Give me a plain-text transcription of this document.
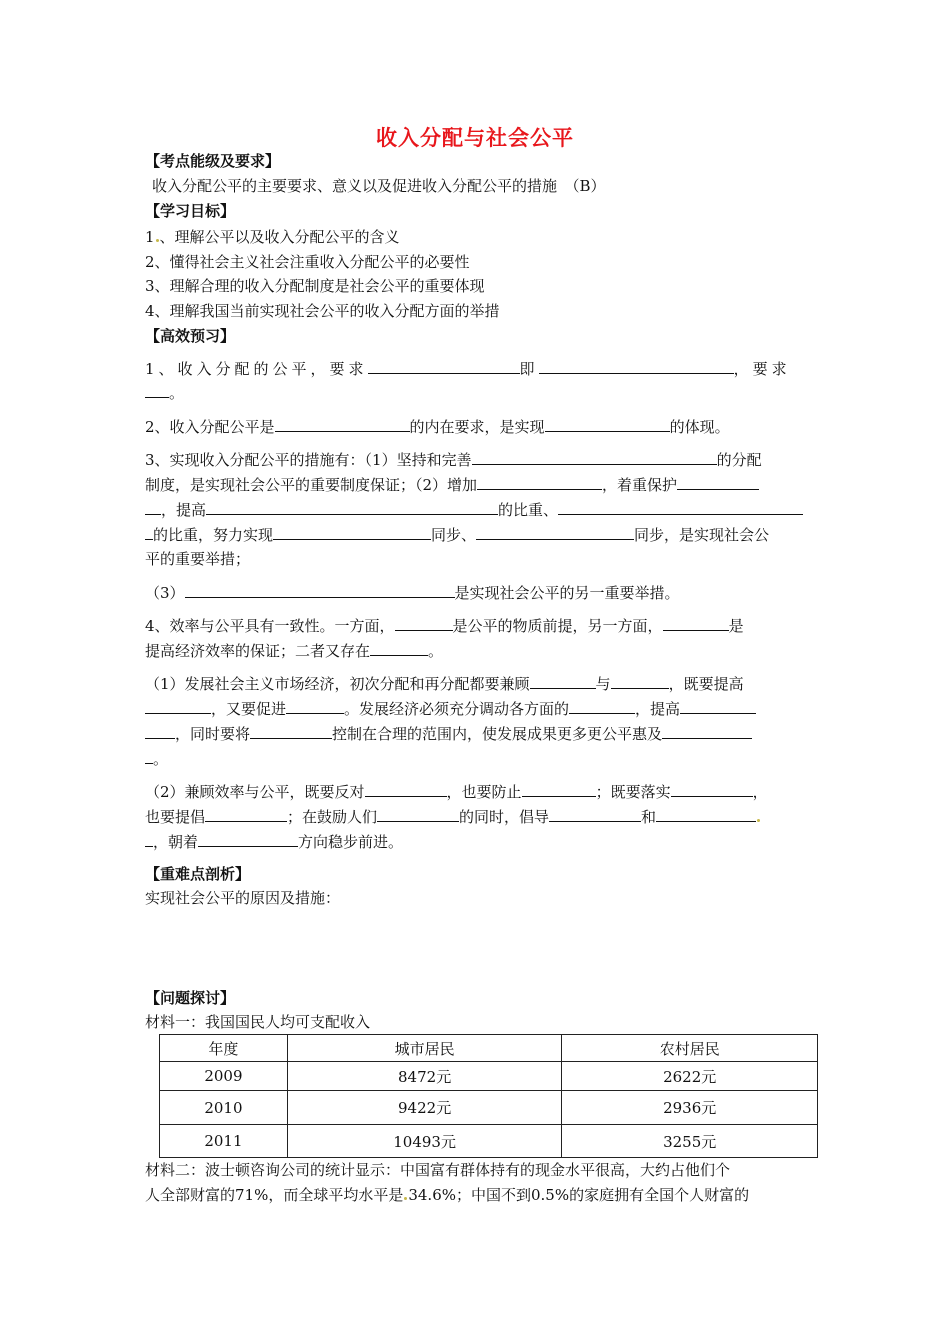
收入分配与社会公平
【考点能级及要求】
收入分配公平的主要要求、意义以及促进收入分配公平的措施　（B）
【学习目标】
1 、理解公平以及收入分配公平的含义
2、懂得社会主义社会注重收入分配公平的必要性
3、理解合理的收入分配制度是社会公平的重要体现
4、理解我国当前实现社会公平的收入分配方面的举措
【高效预习】
1、收入分配的公平，要求	即	，要求
。
2、收入分配公平是	的内在要求，是实现	的体现。
3、实现收入分配公平的措施有：（1）坚持和完善	的分配
制度，是实现社会公平的重要制度保证；（2）增加	，着重保护
，提高	的比重、
的比重，努力实现	同步、	同步，是实现社会公
平的重要举措；
（3）	是实现社会公平的另一重要举措。
4、效率与公平具有一致性。一方面，	是公平的物质前提，另一方面，	是
提高经济效率的保证；二者又存在	。
（1）发展社会主义市场经济，初次分配和再分配都要兼顾	与	，既要提高
，又要促进	。发展经济必须充分调动各方面的	，提高
，同时要将	控制在合理的范围内，使发展成果更多更公平惠及
。
（2）兼顾效率与公平，既要反对	，也要防止	；既要落实	，
也要提倡	；在鼓励人们	的同时，倡导	和
，朝着	方向稳步前进。
【重难点剖析】
实现社会公平的原因及措施：
【问题探讨】
材料一：我国国民人均可支配收入
年度	城市居民	农村居民
2009	8472元	2622元
2010	9422元	2936元
2011	10493元	3255元
材料二：波士顿咨询公司的统计显示：中国富有群体持有的现金水平很高，大约占他们个
人全部财富的71%，而全球平均水平是 34.6%；中国不到0.5%的家庭拥有全国个人财富的
